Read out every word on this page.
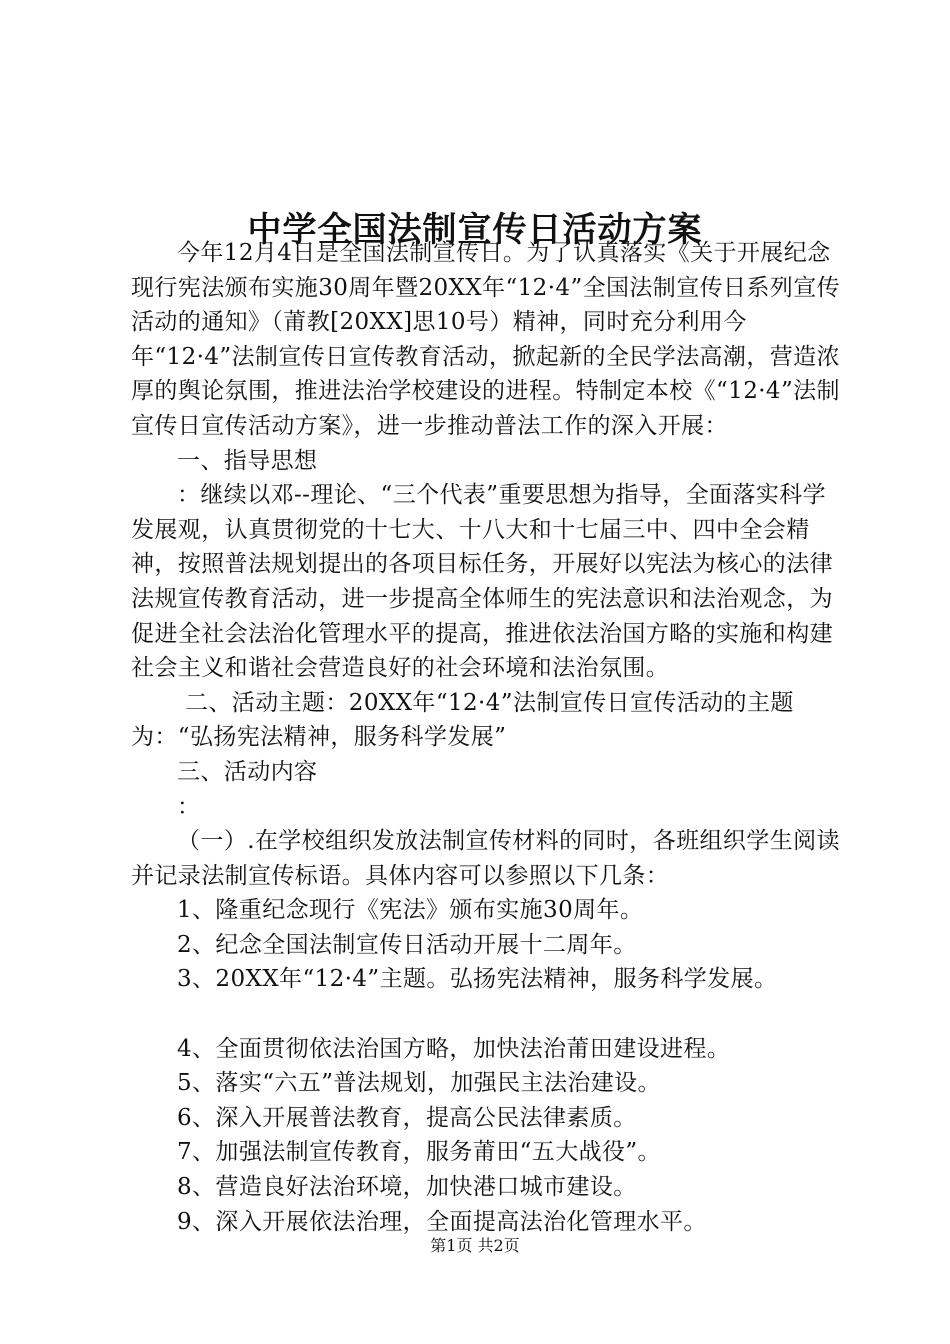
中学全国法制宣传日活动方案

今年12月4日是全国法制宣传日。为了认真落实《关于开展纪念现行宪法颁布实施30周年暨20XX年“12·4”全国法制宣传日系列宣传活动的通知》（莆教[20XX]思10号）精神，同时充分利用今年“12·4”法制宣传日宣传教育活动，掀起新的全民学法高潮，营造浓厚的舆论氛围，推进法治学校建设的进程。特制定本校《“12·4”法制宣传日宣传活动方案》，进一步推动普法工作的深入开展：

一、指导思想

：继续以邓--理论、“三个代表”重要思想为指导，全面落实科学发展观，认真贯彻党的十七大、十八大和十七届三中、四中全会精神，按照普法规划提出的各项目标任务，开展好以宪法为核心的法律法规宣传教育活动，进一步提高全体师生的宪法意识和法治观念，为促进全社会法治化管理水平的提高，推进依法治国方略的实施和构建社会主义和谐社会营造良好的社会环境和法治氛围。

二、活动主题：20XX年“12·4”法制宣传日宣传活动的主题为：“弘扬宪法精神，服务科学发展”

三、活动内容

：

（一）.在学校组织发放法制宣传材料的同时，各班组织学生阅读并记录法制宣传标语。具体内容可以参照以下几条：

1、隆重纪念现行《宪法》颁布实施30周年。

2、纪念全国法制宣传日活动开展十二周年。

3、20XX年“12·4”主题。弘扬宪法精神，服务科学发展。

4、全面贯彻依法治国方略，加快法治莆田建设进程。

5、落实“六五”普法规划，加强民主法治建设。

6、深入开展普法教育，提高公民法律素质。

7、加强法制宣传教育，服务莆田“五大战役”。

8、营造良好法治环境，加快港口城市建设。

9、深入开展依法治理，全面提高法治化管理水平。

第1页 共2页
